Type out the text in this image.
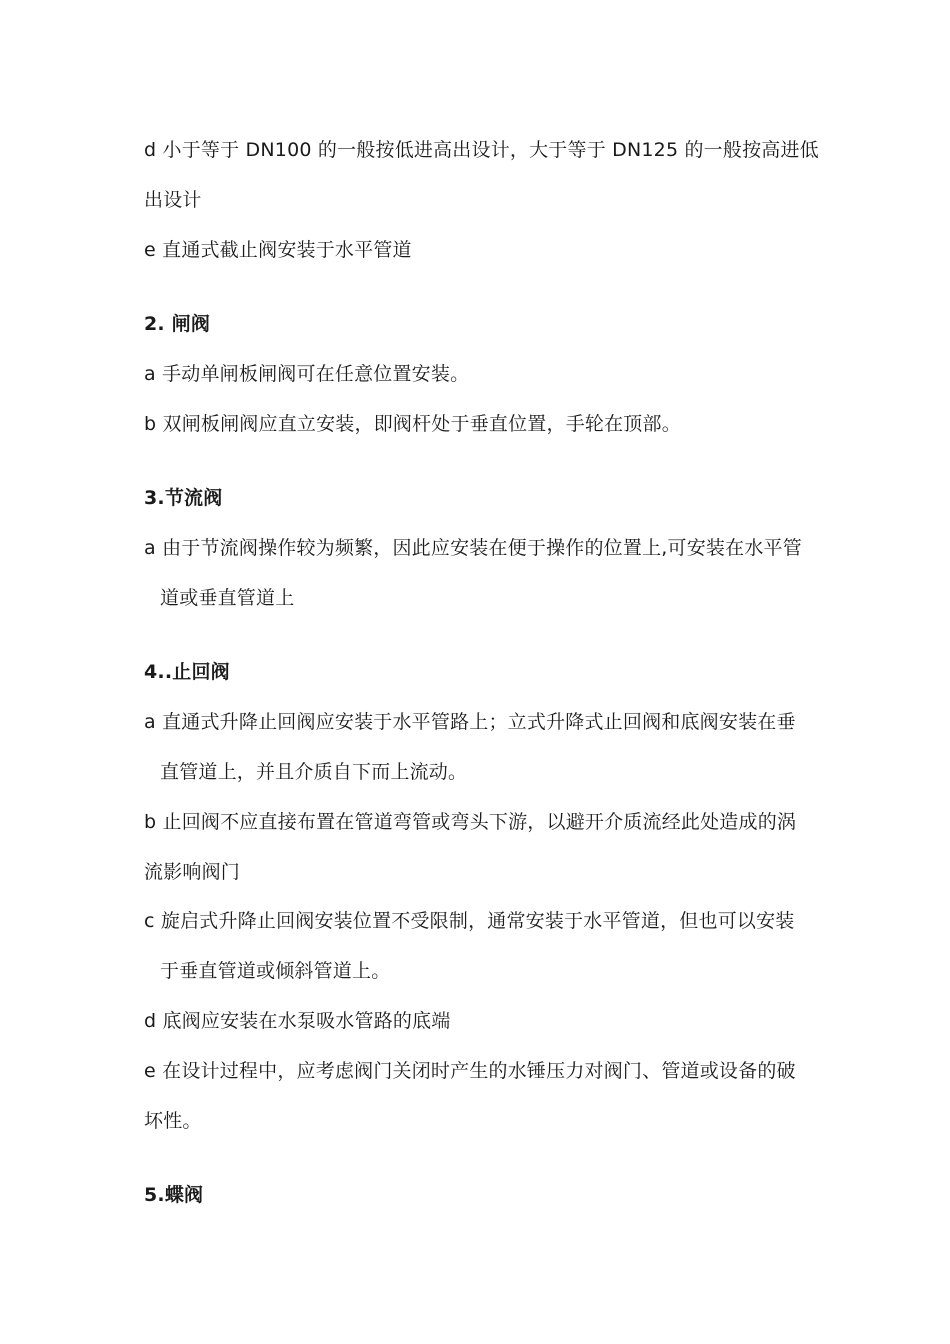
d 小于等于 DN100 的一般按低进高出设计，大于等于 DN125 的一般按高进低
出设计
e 直通式截止阀安装于水平管道
2. 闸阀
a 手动单闸板闸阀可在任意位置安装。
b 双闸板闸阀应直立安装，即阀杆处于垂直位置，手轮在顶部。
3.节流阀
a 由于节流阀操作较为频繁，因此应安装在便于操作的位置上,可安装在水平管
道或垂直管道上
4..止回阀
a 直通式升降止回阀应安装于水平管路上；立式升降式止回阀和底阀安装在垂
直管道上，并且介质自下而上流动。
b 止回阀不应直接布置在管道弯管或弯头下游，以避开介质流经此处造成的涡
流影响阀门
c 旋启式升降止回阀安装位置不受限制，通常安装于水平管道，但也可以安装
于垂直管道或倾斜管道上。
d 底阀应安装在水泵吸水管路的底端
e 在设计过程中，应考虑阀门关闭时产生的水锤压力对阀门、管道或设备的破
坏性。
5.蝶阀
